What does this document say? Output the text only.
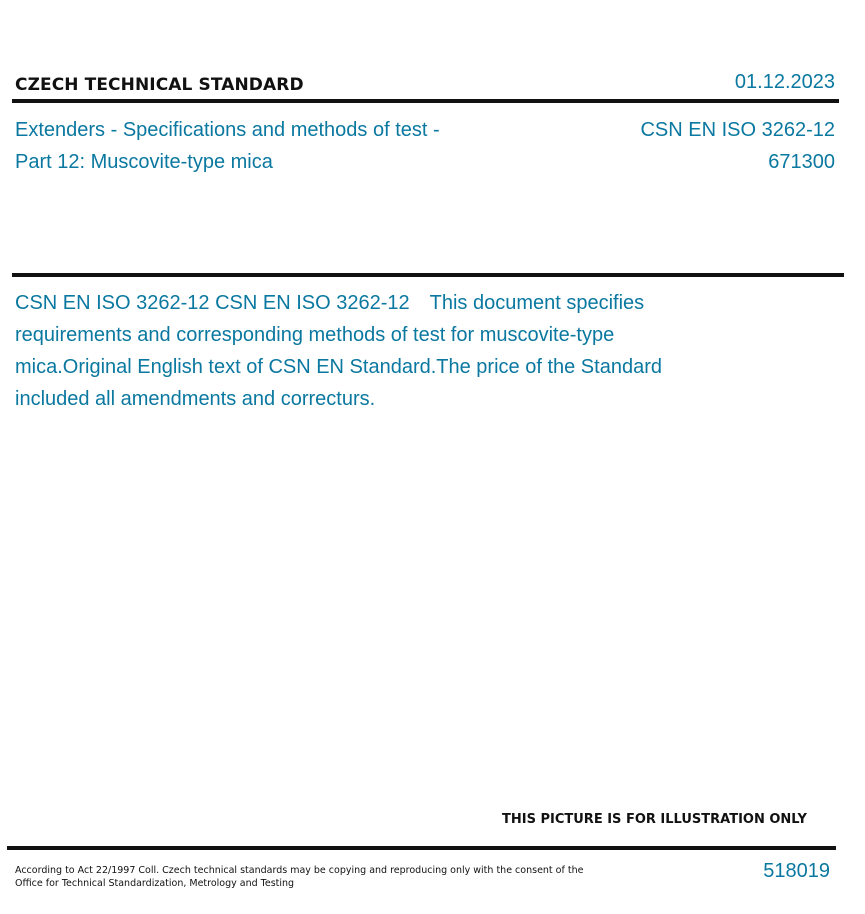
CZECH TECHNICAL STANDARD	01.12.2023
Extenders - Specifications and methods of test - Part 12: Muscovite-type mica
CSN EN ISO 3262-12
671300
CSN EN ISO 3262-12 CSN EN ISO 3262-12 This document specifies requirements and corresponding methods of test for muscovite-type mica.Original English text of CSN EN Standard.The price of the Standard included all amendments and correcturs.
THIS PICTURE IS FOR ILLUSTRATION ONLY
According to Act 22/1997 Coll. Czech technical standards may be copying and reproducing only with the consent of the Office for Technical Standardization, Metrology and Testing
518019
